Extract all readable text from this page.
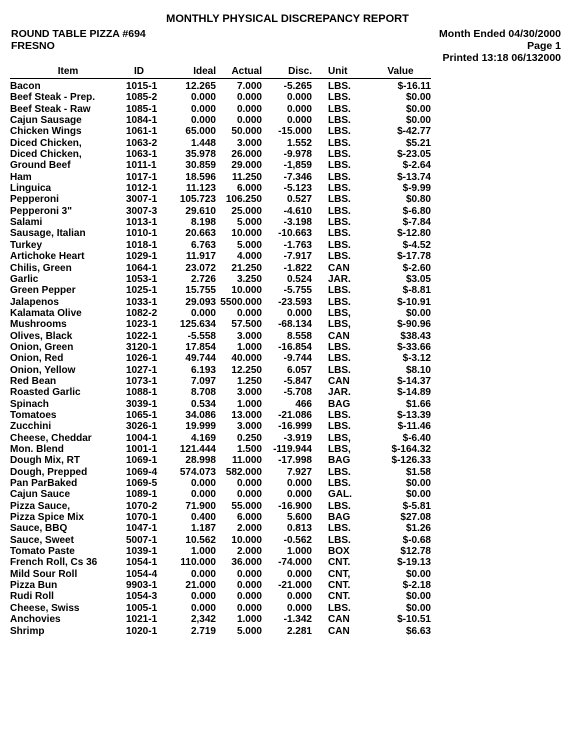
MONTHLY PHYSICAL DISCREPANCY REPORT
ROUND TABLE PIZZA #694
FRESNO
Month Ended 04/30/2000
Page 1
Printed 13:18 06/132000
Item	ID	Ideal	Actual	Disc.	Unit	Value
Bacon	1015-1	12.265	7.000	-5.265	LBS.	$-16.11
Beef Steak - Prep.	1085-2	0.000	0.000	0.000	LBS.	$0.00
Beef Steak - Raw	1085-1	0.000	0.000	0.000	LBS.	$0.00
Cajun Sausage	1084-1	0.000	0.000	0.000	LBS.	$0.00
Chicken Wings	1061-1	65.000	50.000	-15.000	LBS.	$-42.77
Diced Chicken,	1063-2	1.448	3.000	1.552	LBS.	$5.21
Diced Chicken,	1063-1	35.978	26.000	-9.978	LBS.	$-23.05
Ground Beef	1011-1	30.859	29.000	-1,859	LBS.	$-2.64
Ham	1017-1	18.596	11.250	-7.346	LBS.	$-13.74
Linguica	1012-1	11.123	6.000	-5.123	LBS.	$-9.99
Pepperoni	3007-1	105.723 106.250	0.527	LBS.	$0.80
Pepperoni 3"	3007-3	29.610	25.000	-4.610	LBS.	$-6.80
Salami	1013-1	8.198	5.000	-3.198	LBS.	$-7.84
Sausage, Italian	1010-1	20.663	10.000	-10.663	LBS.	$-12.80
Turkey	1018-1	6.763	5.000	-1.763	LBS.	$-4.52
Artichoke Heart	1029-1	11.917	4.000	-7.917	LBS.	$-17.78
Chilis, Green	1064-1	23.072	21.250	-1.822	CAN	$-2.60
Garlic	1053-1	2.726	3.250	0.524	JAR.	$3.05
Green Pepper	1025-1	15.755	10.000	-5.755	LBS.	$-8.81
Jalapenos	1033-1	29.093 5500.000	-23.593	LBS.	$-10.91
Kalamata Olive	1082-2	0.000	0.000	0.000	LBS,	$0.00
Mushrooms	1023-1	125.634	57.500	-68.134	LBS,	$-90.96
Olives, Black	1022-1	-5.558	3.000	8.558	CAN	$38.43
Onion, Green	3120-1	17.854	1.000	-16.854	LBS.	$-33.66
Onion, Red	1026-1	49.744	40.000	-9.744	LBS.	$-3.12
Onion, Yellow	1027-1	6.193	12.250	6.057	LBS.	$8.10
Red Bean	1073-1	7.097	1.250	-5.847	CAN	$-14.37
Roasted Garlic	1088-1	8.708	3.000	-5.708	JAR.	$-14.89
Spinach	3039-1	0.534	1.000	466	BAG	$1.66
Tomatoes	1065-1	34.086	13.000	-21.086	LBS.	$-13.39
Zucchini	3026-1	19.999	3.000	-16.999	LBS.	$-11.46
Cheese, Cheddar	1004-1	4.169	0.250	-3.919	LBS,	$-6.40
Mon. Blend	1001-1	121.444	1.500	-119.944	LBS,	$-164.32
Dough Mix, RT	1069-1	28.998	11.000	-17.998	BAG	$-126.33
Dough, Prepped	1069-4	574.073 582.000	7.927	LBS.	$1.58
Pan ParBaked	1069-5	0.000	0.000	0.000	LBS.	$0.00
Cajun Sauce	1089-1	0.000	0.000	0.000	GAL.	$0.00
Pizza Sauce,	1070-2	71.900	55.000	-16.900	LBS.	$-5.81
Pizza Spice Mix	1070-1	0.400	6.000	5.600	BAG	$27.08
Sauce, BBQ	1047-1	1.187	2.000	0.813	LBS.	$1.26
Sauce, Sweet	5007-1	10.562	10.000	-0.562	LBS.	$-0.68
Tomato Paste	1039-1	1.000	2.000	1.000	BOX	$12.78
French Roll, Cs 36	1054-1	110.000	36.000	-74.000	CNT.	$-19.13
Mild Sour Roll	1054-4	0.000	0.000	0.000	CNT,	$0.00
Pizza Bun	9903-1	21.000	0.000	-21.000	CNT.	$-2.18
Rudi Roll	1054-3	0.000	0.000	0.000	CNT.	$0.00
Cheese, Swiss	1005-1	0.000	0.000	0.000	LBS.	$0.00
Anchovies	1021-1	2,342	1.000	-1.342	CAN	$-10.51
Shrimp	1020-1	2.719	5.000	2.281	CAN	$6.63
